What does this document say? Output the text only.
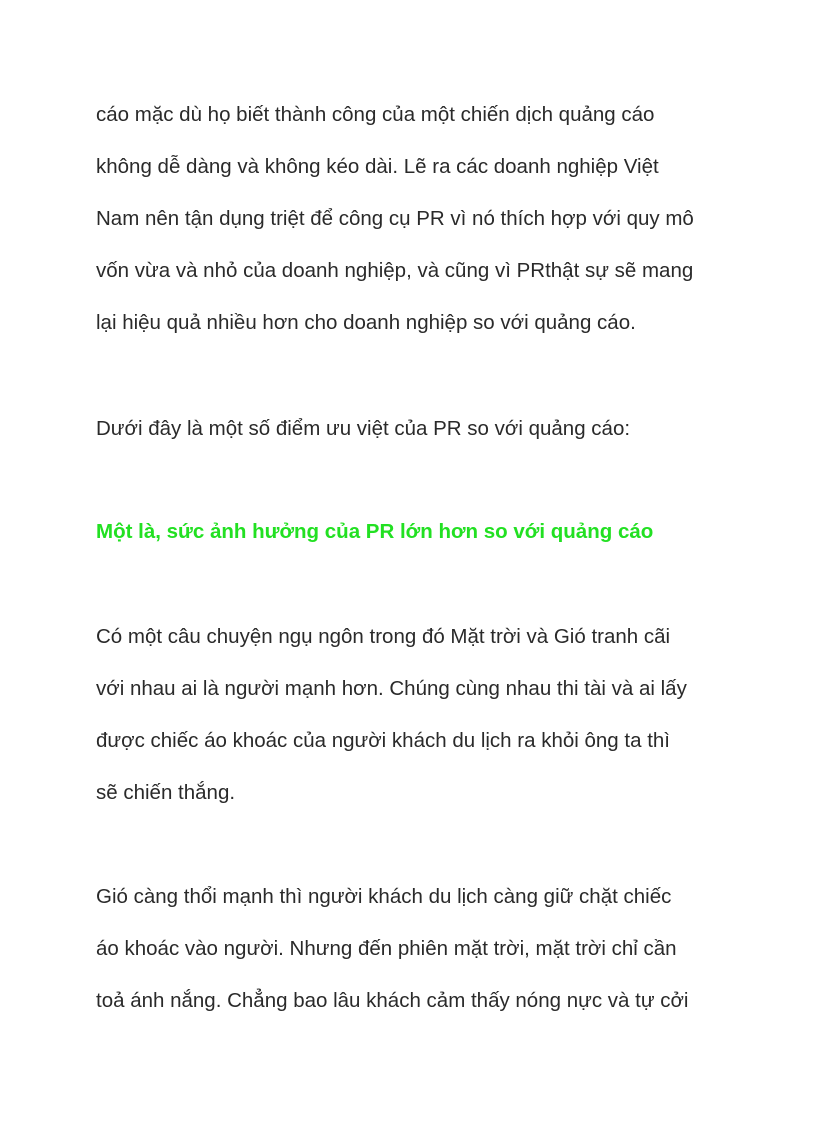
cáo mặc dù họ biết thành công của một chiến dịch quảng cáo

không dễ dàng và không kéo dài. Lẽ ra các doanh nghiệp Việt

Nam nên tận dụng triệt để công cụ PR vì nó thích hợp với quy mô

vốn vừa và nhỏ của doanh nghiệp, và cũng vì PRthật sự sẽ mang

lại hiệu quả nhiều hơn cho doanh nghiệp so với quảng cáo.

Dưới đây là một số điểm ưu việt của PR so với quảng cáo:

Một là, sức ảnh hưởng của PR lớn hơn so với quảng cáo

Có một câu chuyện ngụ ngôn trong đó Mặt trời và Gió tranh cãi

với nhau ai là người mạnh hơn. Chúng cùng nhau thi tài và ai lấy

được chiếc áo khoác của người khách du lịch ra khỏi ông ta thì

sẽ chiến thắng.

Gió càng thổi mạnh thì người khách du lịch càng giữ chặt chiếc

áo khoác vào người. Nhưng đến phiên mặt trời, mặt trời chỉ cần

toả ánh nắng. Chẳng bao lâu khách cảm thấy nóng nực và tự cởi
